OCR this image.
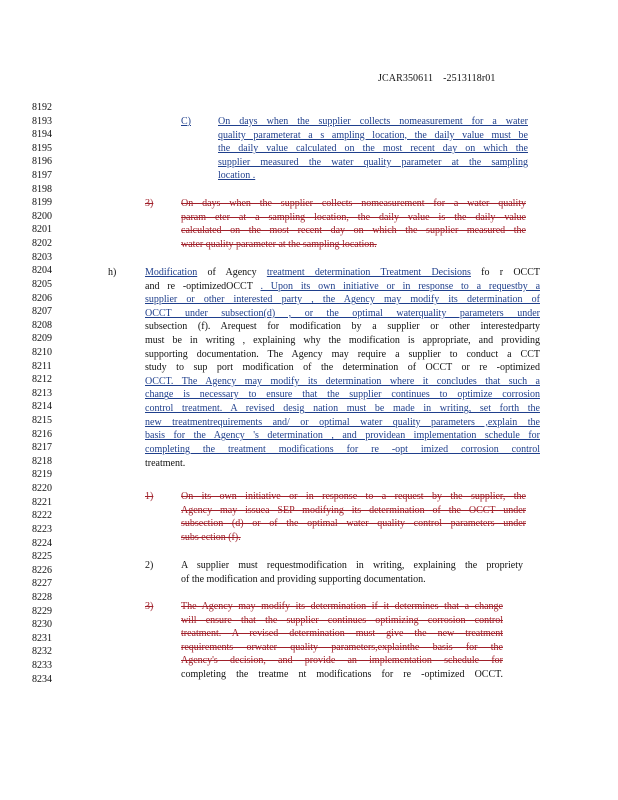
JCAR350611 -2513118r01
8192
8193
8194
8195
8196
8197
8198
8199
8200
8201
8202
8203
8204
8205
8206
8207
8208
8209
8210
8211
8212
8213
8214
8215
8216
8217
8218
8219
8220
8221
8222
8223
8224
8225
8226
8227
8228
8229
8230
8231
8232
8233
8234
C)	On days when the supplier collects nomeasurement for a water
quality parameterat a s ampling location, the daily value must be
the daily value calculated on the most recent day on which the
supplier measured the water quality parameter at the sampling
location .
3)	On days when the supplier collects nomeasurement for a water quality
param eter at a sampling location, the daily value is the daily value
calculated on the most recent day on which the supplier measured the
water quality parameter at the sampling location.
h)	Modification of Agency treatment determination Treatment Decisions fo r OCCT
and re -optimizedOCCT . Upon its own initiative or in response to a requestby a
supplier or other interested party , the Agency may modify its determination of
OCCT under subsection(d) , or the optimal waterquality parameters under
subsection (f). Arequest for modification by a supplier or other interestedparty
must be in writing , explaining why the modification is appropriate, and providing
supporting documentation. The Agency may require a supplier to conduct a CCT
study to sup port modification of the determination of OCCT or re -optimized
OCCT. The Agency may modify its determination where it concludes that such a
change is necessary to ensure that the supplier continues to optimize corrosion
control treatment. A revised desig nation must be made in writing, set forth the
new treatmentrequirements and/ or optimal water quality parameters ,explain the
basis for the Agency 's determination , and providean implementation schedule for
completing the treatment modifications for re -opt imized corrosion control
treatment.
1)	On its own initiative or in response to a request by the supplier, the
Agency may issuea SEP modifying its determination of the OCCT under
subsection (d) or of the optimal water quality control parameters under
subs ection (f).
2)	A supplier must requestmodification in writing, explaining the propriety
of the modification and providing supporting documentation.
3)	The Agency may modify its determination if it determines that a change
will ensure that the supplier continues optimizing corrosion control
treatment. A revised determination must give the new treatment
requirements orwater quality parameters,explainthe basis for the
Agency's decision, and provide an implementation schedule for
completing the treatme nt modifications for re -optimized OCCT.
